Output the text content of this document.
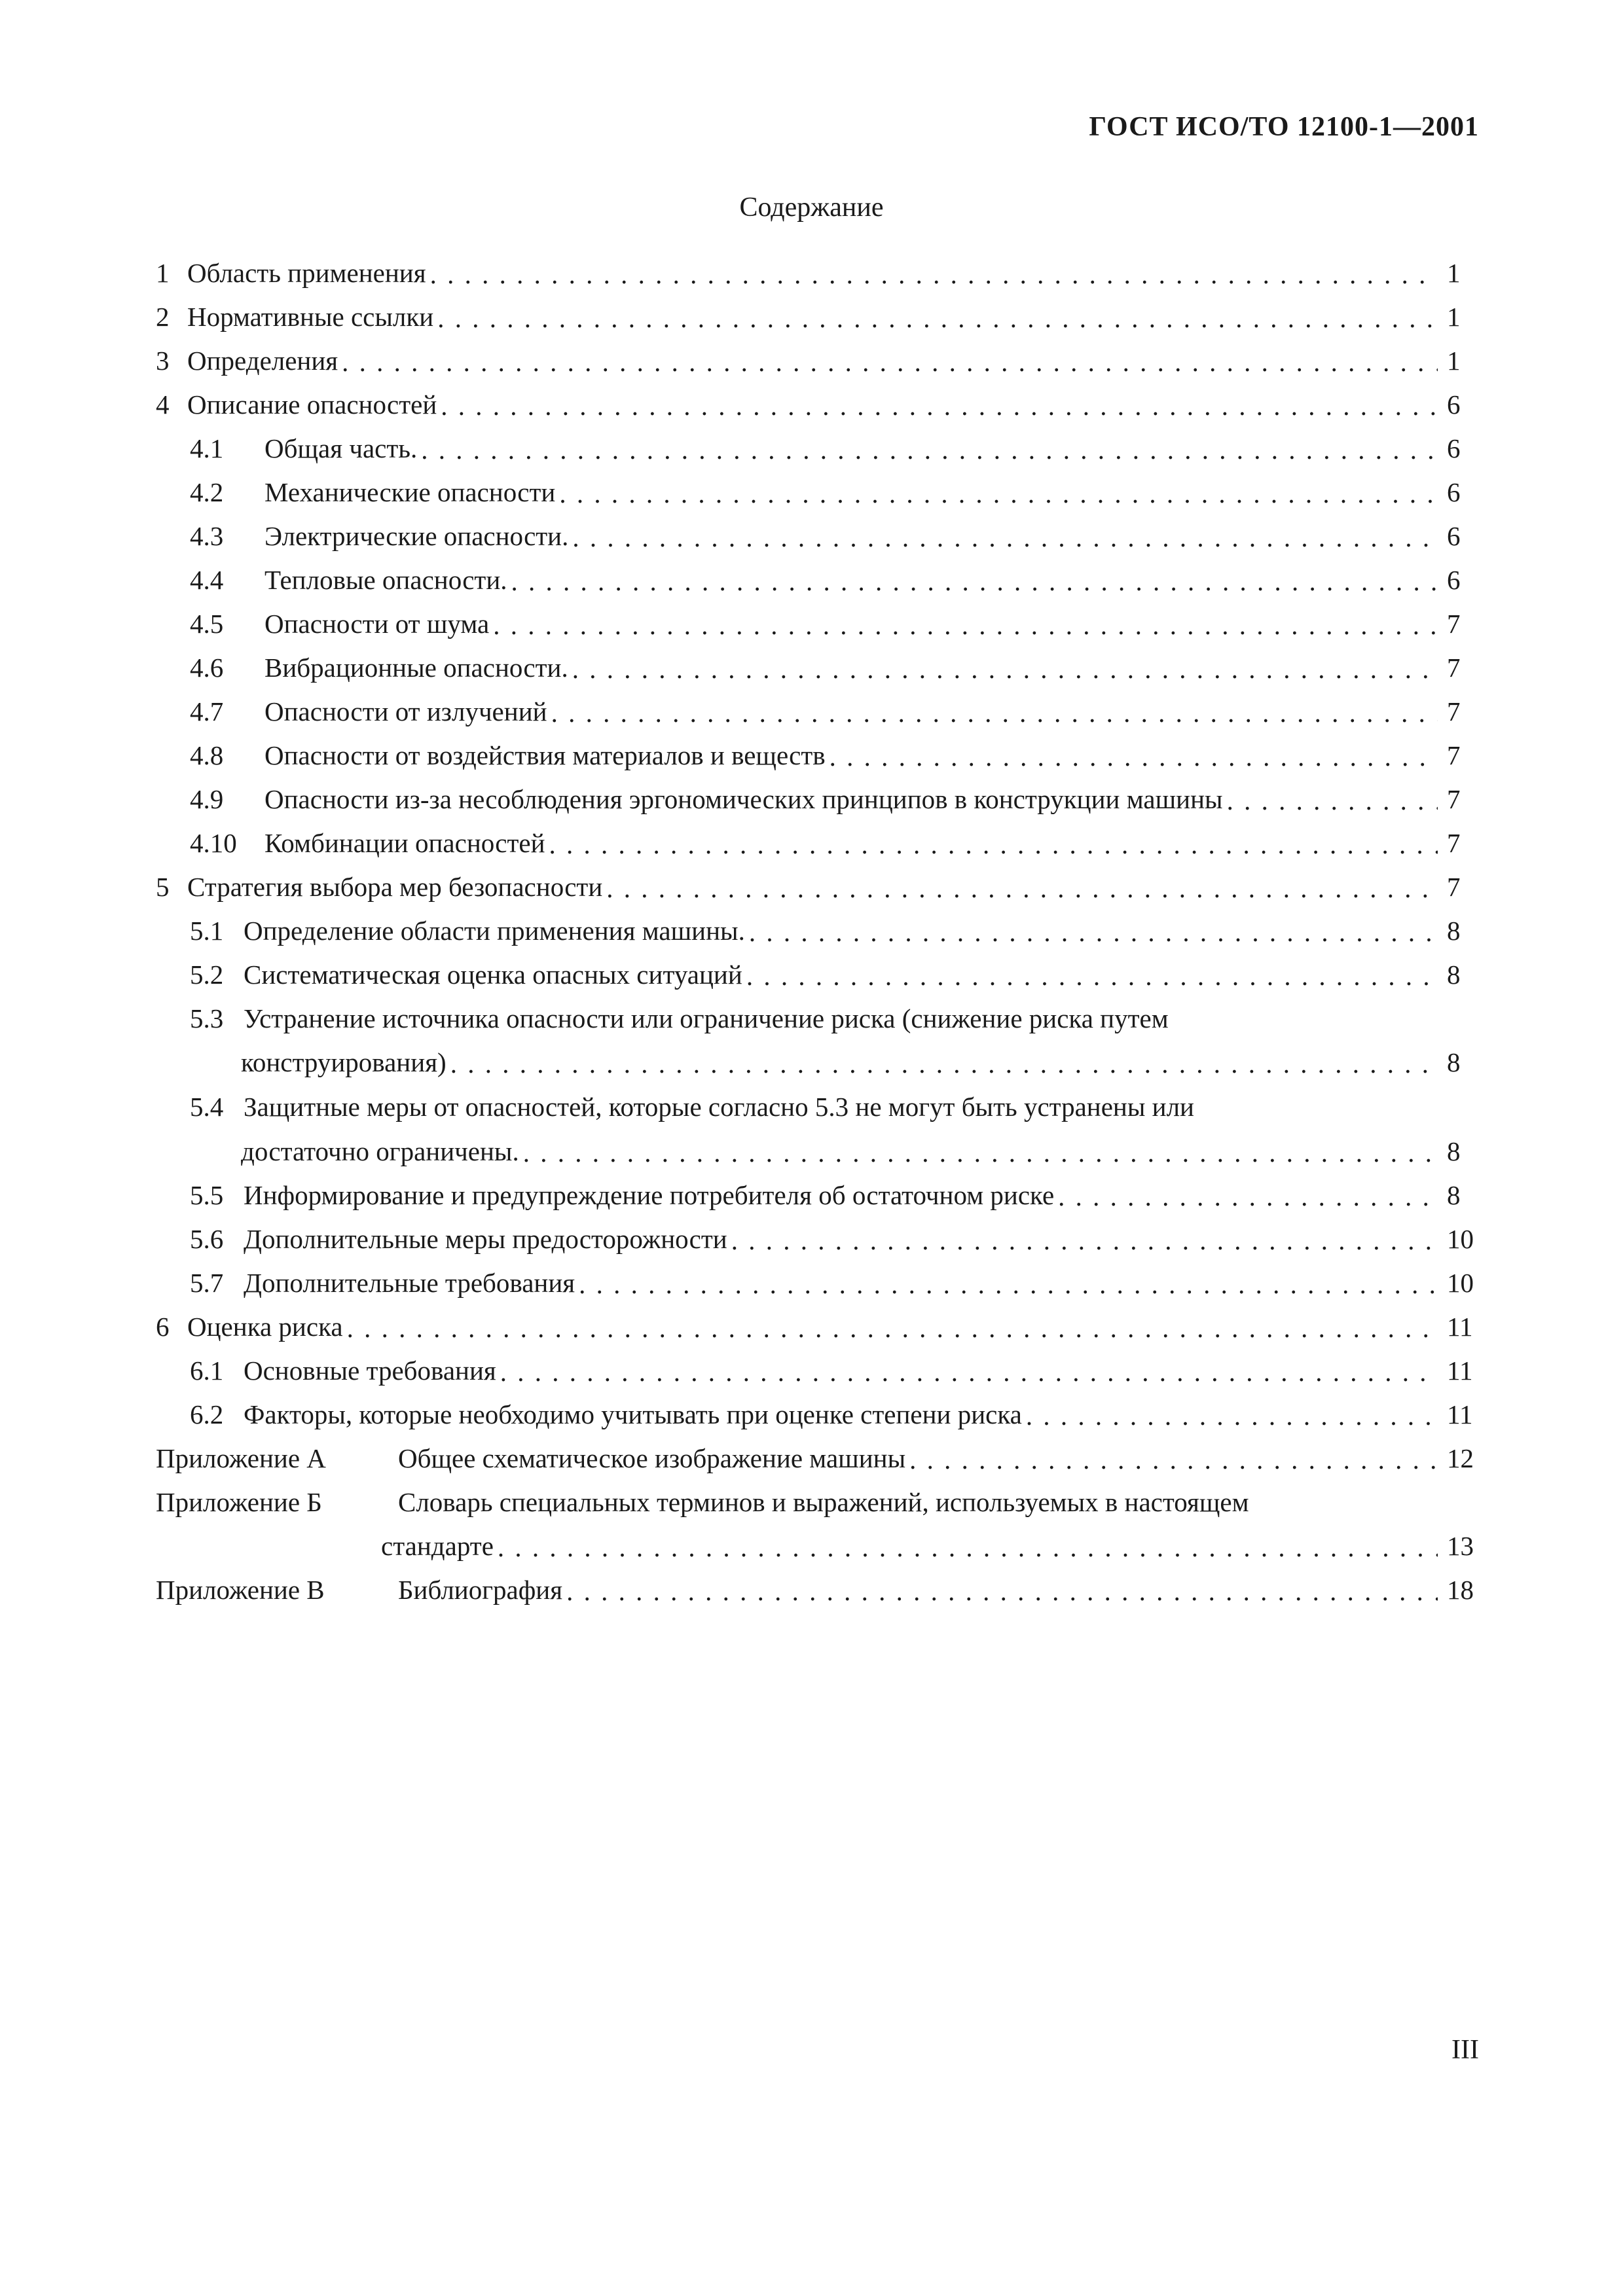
ГОСТ ИСО/ТО 12100-1—2001
Содержание
1 Область применения . . .	1
2 Нормативные ссылки . . .	1
3 Определения . . .	1
4 Описание опасностей . . .	6
4.1	Общая часть. . . .	6
4.2	Механические опасности . . .	6
4.3	Электрические опасности. . . .	6
4.4	Тепловые опасности. . . .	6
4.5	Опасности от шума . . .	7
4.6	Вибрационные опасности. . . .	7
4.7	Опасности от излучений . . .	7
4.8	Опасности от воздействия материалов и веществ . . .	7
4.9	Опасности из-за несоблюдения эргономических принципов в конструкции машины . . .	7
4.10	Комбинации опасностей . . .	7
5 Стратегия выбора мер безопасности . . .	7
5.1 Определение области применения машины. . . .	8
5.2 Систематическая оценка опасных ситуаций . . .	8
5.3 Устранение источника опасности или ограничение риска (снижение риска путем
конструирования) . . .	8
5.4 Защитные меры от опасностей, которые согласно 5.3 не могут быть устранены или
достаточно ограничены. . . .	8
5.5 Информирование и предупреждение потребителя об остаточном риске . . .	8
5.6 Дополнительные меры предосторожности . . .	10
5.7 Дополнительные требования . . .	10
6 Оценка риска . . .	11
6.1 Основные требования . . .	11
6.2 Факторы, которые необходимо учитывать при оценке степени риска . . .	11
Приложение А	Общее схематическое изображение машины . . .	12
Приложение Б	Словарь специальных терминов и выражений, используемых в настоящем
стандарте . . .	13
Приложение В	Библиография . . .	18
III
